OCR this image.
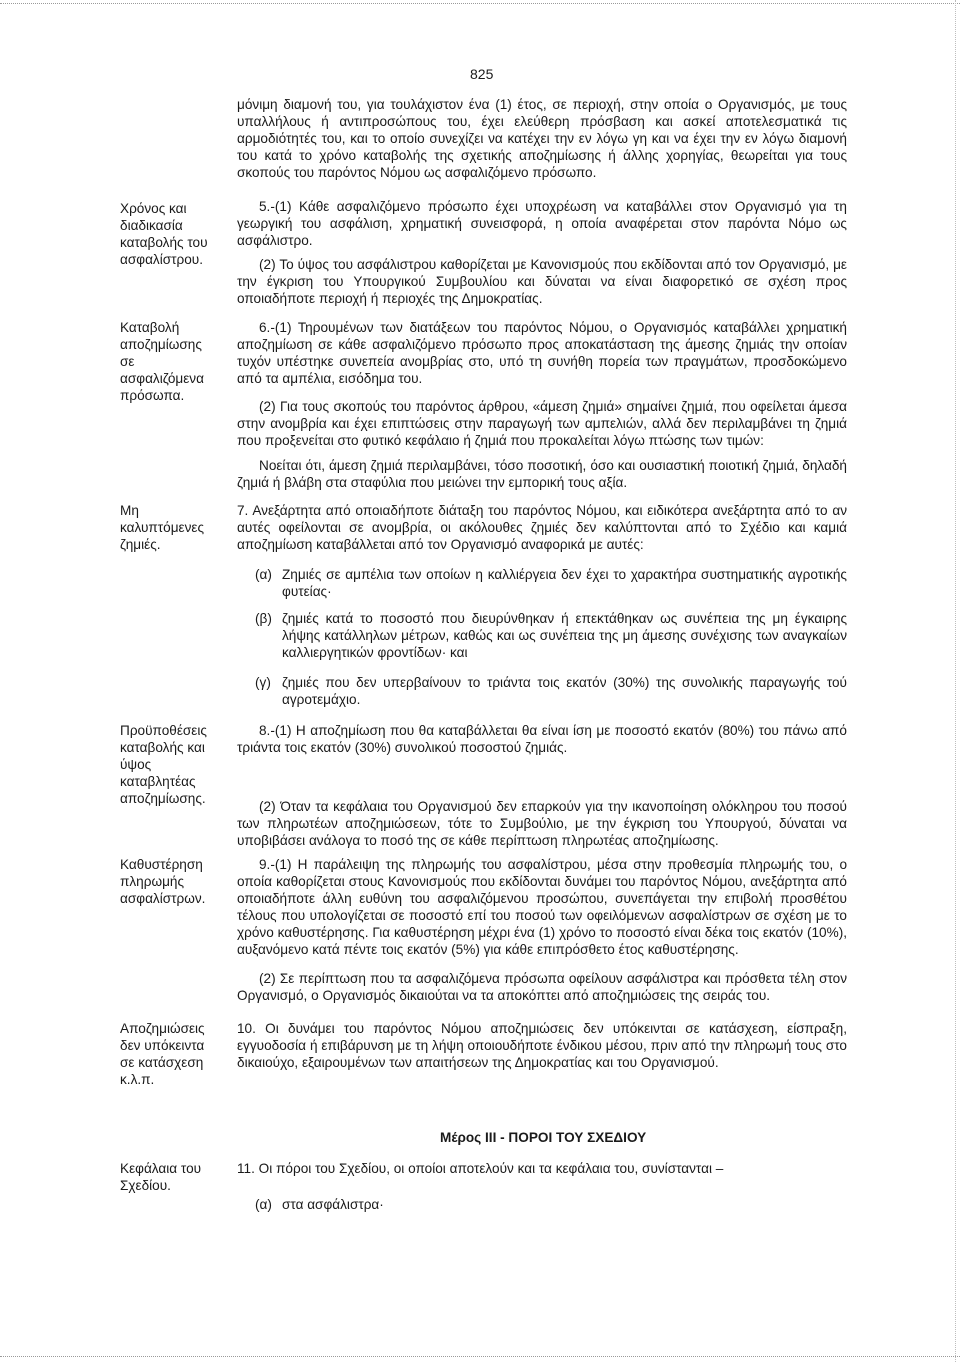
825

μόνιμη διαμονή του, για τουλάχιστον ένα (1) έτος, σε περιοχή, στην οποία ο Οργανισμός, με τους υπαλλήλους ή αντιπροσώπους του, έχει ελεύθερη πρόσβαση και ασκεί αποτελεσματικά τις αρμοδιότητές του, και το οποίο συνεχίζει να κατέχει την εν λόγω γη και να έχει την εν λόγω διαμονή του κατά το χρόνο καταβολής της σχετικής αποζημίωσης ή άλλης χορηγίας, θεωρείται για τους σκοπούς του παρόντος Νόμου ως ασφαλιζόμενο πρόσωπο.

Χρόνος και διαδικασία καταβολής του ασφαλίστρου.

5.-(1) Κάθε ασφαλιζόμενο πρόσωπο έχει υποχρέωση να καταβάλλει στον Οργανισμό για τη γεωργική του ασφάλιση, χρηματική συνεισφορά, η οποία αναφέρεται στον παρόντα Νόμο ως ασφάλιστρο.

(2) Το ύψος του ασφάλιστρου καθορίζεται με Κανονισμούς που εκδίδονται από τον Οργανισμό, με την έγκριση του Υπουργικού Συμβουλίου και δύναται να είναι διαφορετικό σε σχέση προς οποιαδήποτε περιοχή ή περιοχές της Δημοκρατίας.

Καταβολή αποζημίωσης σε ασφαλιζόμενα πρόσωπα.

6.-(1) Τηρουμένων των διατάξεων του παρόντος Νόμου, ο Οργανισμός καταβάλλει χρηματική αποζημίωση σε κάθε ασφαλιζόμενο πρόσωπο προς αποκατάσταση της άμεσης ζημιάς την οποίαν τυχόν υπέστηκε συνεπεία ανομβρίας στο, υπό τη συνήθη πορεία των πραγμάτων, προσδοκώμενο από τα αμπέλια, εισόδημα του.

(2) Για τους σκοπούς του παρόντος άρθρου, «άμεση ζημιά» σημαίνει ζημιά, που οφείλεται άμεσα στην ανομβρία και έχει επιπτώσεις στην παραγωγή των αμπελιών, αλλά δεν περιλαμβάνει τη ζημιά που προξενείται στο φυτικό κεφάλαιο ή ζημιά που προκαλείται λόγω πτώσης των τιμών:

Νοείται ότι, άμεση ζημιά περιλαμβάνει, τόσο ποσοτική, όσο και ουσιαστική ποιοτική ζημιά, δηλαδή ζημιά ή βλάβη στα σταφύλια που μειώνει την εμπορική τους αξία.

Μη καλυπτόμενες ζημιές.

7. Ανεξάρτητα από οποιαδήποτε διάταξη του παρόντος Νόμου, και ειδικότερα ανεξάρτητα από το αν αυτές οφείλονται σε ανομβρία, οι ακόλουθες ζημιές δεν καλύπτονται από το Σχέδιο και καμιά αποζημίωση καταβάλλεται από τον Οργανισμό αναφορικά με αυτές:

(α) Ζημιές σε αμπέλια των οποίων η καλλιέργεια δεν έχει το χαρακτήρα συστηματικής αγροτικής φυτείας·
(β) ζημιές κατά το ποσοστό που διευρύνθηκαν ή επεκτάθηκαν ως συνέπεια της μη έγκαιρης λήψης κατάλληλων μέτρων, καθώς και ως συνέπεια της μη άμεσης συνέχισης των αναγκαίων καλλιεργητικών φροντίδων· και
(γ) ζημιές που δεν υπερβαίνουν το τριάντα τοις εκατόν (30%) της συνολικής παραγωγής τού αγροτεμάχιο.
Προϋποθέσεις καταβολής και ύψος καταβλητέας αποζημίωσης.

8.-(1) Η αποζημίωση που θα καταβάλλεται θα είναι ίση με ποσοστό εκατόν (80%) του πάνω από τριάντα τοις εκατόν (30%) συνολικού ποσοστού ζημιάς.

(2) Όταν τα κεφάλαια του Οργανισμού δεν επαρκούν για την ικανοποίηση ολόκληρου του ποσού των πληρωτέων αποζημιώσεων, τότε το Συμβούλιο, με την έγκριση του Υπουργού, δύναται να υποβιβάσει ανάλογα το ποσό της σε κάθε περίπτωση πληρωτέας αποζημίωσης.

Καθυστέρηση πληρωμής ασφαλίστρων.

9.-(1) Η παράλειψη της πληρωμής του ασφαλίστρου, μέσα στην προθεσμία πληρωμής του, ο οποία καθορίζεται στους Κανονισμούς που εκδίδονται δυνάμει του παρόντος Νόμου, ανεξάρτητα από οποιαδήποτε άλλη ευθύνη του ασφαλιζόμενου προσώπου, συνεπάγεται την επιβολή προσθέτου τέλους που υπολογίζεται σε ποσοστό επί του ποσού των οφειλόμενων ασφαλίστρων σε σχέση με το χρόνο καθυστέρησης. Για καθυστέρηση μέχρι ένα (1) χρόνο το ποσοστό είναι δέκα τοις εκατόν (10%), αυξανόμενο κατά πέντε τοις εκατόν (5%) για κάθε επιπρόσθετο έτος καθυστέρησης.

(2) Σε περίπτωση που τα ασφαλιζόμενα πρόσωπα οφείλουν ασφάλιστρα και πρόσθετα τέλη στον Οργανισμό, ο Οργανισμός δικαιούται να τα αποκόπτει από αποζημιώσεις της σειράς του.

Αποζημιώσεις δεν υπόκειντα σε κατάσχεση κ.λ.π.

10. Οι δυνάμει του παρόντος Νόμου αποζημιώσεις δεν υπόκεινται σε κατάσχεση, είσπραξη, εγγυοδοσία ή επιβάρυνση με τη λήψη οποιουδήποτε ένδικου μέσου, πριν από την πληρωμή τους στο δικαιούχο, εξαιρουμένων των απαιτήσεων της Δημοκρατίας και του Οργανισμού.

Μέρος III - ΠΟΡΟΙ ΤΟΥ ΣΧΕΔΙΟΥ
Κεφάλαια του Σχεδίου.

11. Οι πόροι του Σχεδίου, οι οποίοι αποτελούν και τα κεφάλαια του, συνίστανται –

(α) στα ασφάλιστρα·
